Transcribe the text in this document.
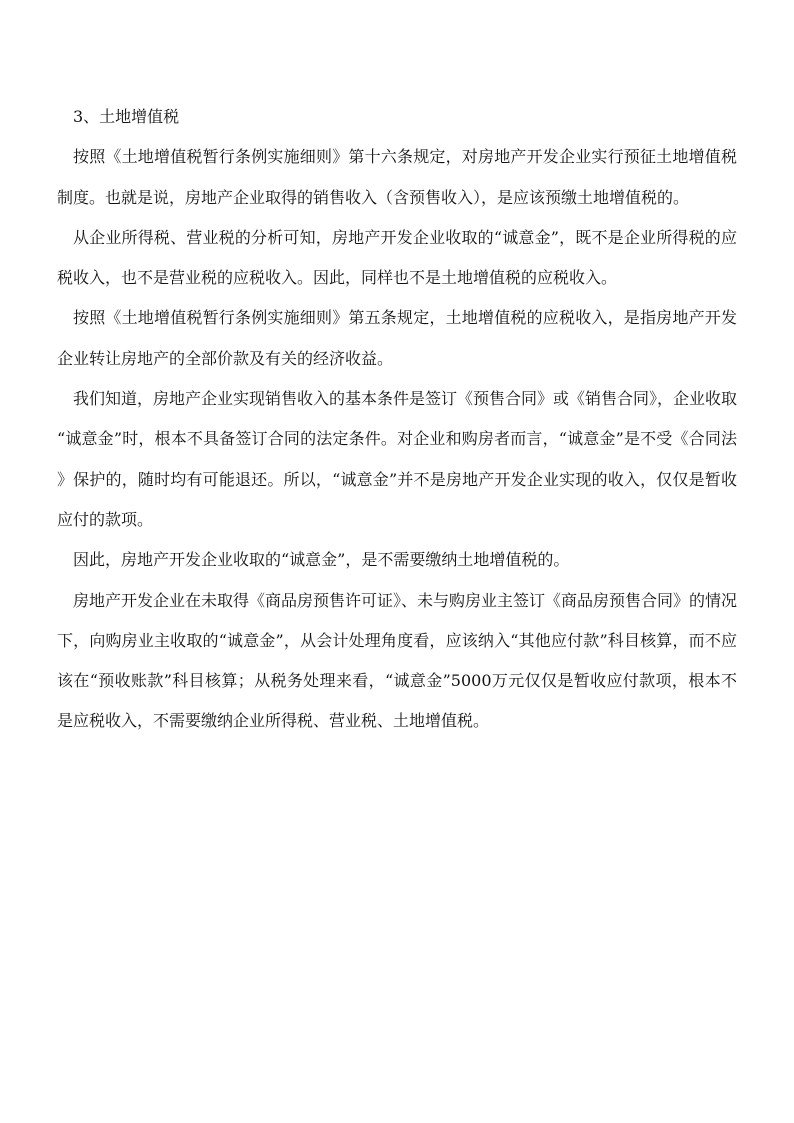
3、土地增值税

按照《土地增值税暂行条例实施细则》第十六条规定，对房地产开发企业实行预征土地增值税制度。也就是说，房地产企业取得的销售收入（含预售收入），是应该预缴土地增值税的。

从企业所得税、营业税的分析可知，房地产开发企业收取的“诚意金”，既不是企业所得税的应税收入，也不是营业税的应税收入。因此，同样也不是土地增值税的应税收入。

按照《土地增值税暂行条例实施细则》第五条规定，土地增值税的应税收入，是指房地产开发企业转让房地产的全部价款及有关的经济收益。

我们知道，房地产企业实现销售收入的基本条件是签订《预售合同》或《销售合同》，企业收取“诚意金”时，根本不具备签订合同的法定条件。对企业和购房者而言，“诚意金”是不受《合同法》保护的，随时均有可能退还。所以，“诚意金”并不是房地产开发企业实现的收入，仅仅是暂收应付的款项。

因此，房地产开发企业收取的“诚意金”，是不需要缴纳土地增值税的。

房地产开发企业在未取得《商品房预售许可证》、未与购房业主签订《商品房预售合同》的情况下，向购房业主收取的“诚意金”，从会计处理角度看，应该纳入“其他应付款”科目核算，而不应该在“预收账款”科目核算；从税务处理来看，“诚意金”5000万元仅仅是暂收应付款项，根本不是应税收入，不需要缴纳企业所得税、营业税、土地增值税。
